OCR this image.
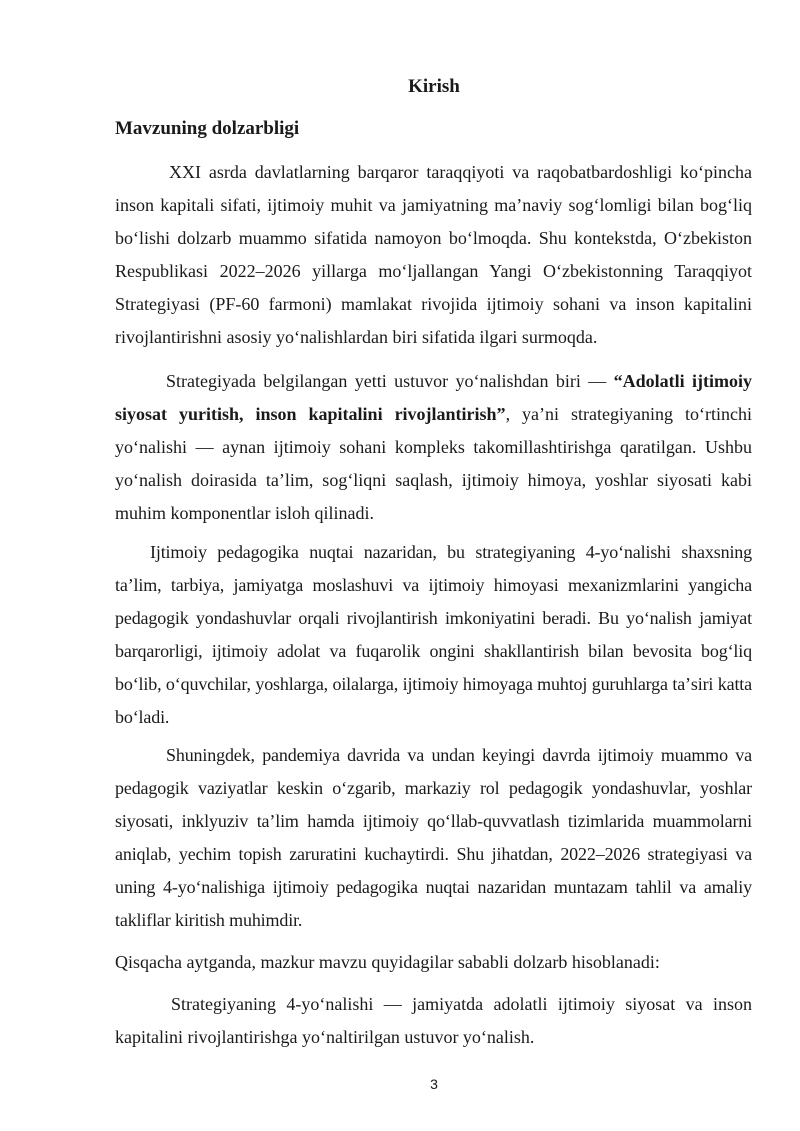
Kirish
Mavzuning dolzarbligi

XXI asrda davlatlarning barqaror taraqqiyoti va raqobatbardoshligi koʻpincha inson kapitali sifati, ijtimoiy muhit va jamiyatning maʼnaviy sogʻlomligi bilan bogʻliq boʻlishi dolzarb muammo sifatida namoyon boʻlmoqda. Shu kontekstda, Oʻzbekiston Respublikasi 2022–2026 yillarga moʻljallangan Yangi Oʻzbekistonning Taraqqiyot Strategiyasi (PF-60 farmoni) mamlakat rivojida ijtimoiy sohani va inson kapitalini rivojlantirishni asosiy yoʻnalishlardan biri sifatida ilgari surmoqda.

Strategiyada belgilangan yetti ustuvor yoʻnalishdan biri — “Adolatli ijtimoiy siyosat yuritish, inson kapitalini rivojlantirish”, yaʼni strategiyaning toʻrtinchi yoʻnalishi — aynan ijtimoiy sohani kompleks takomillashtirishga qaratilgan. Ushbu yoʻnalish doirasida taʼlim, sogʻliqni saqlash, ijtimoiy himoya, yoshlar siyosati kabi muhim komponentlar isloh qilinadi.

Ijtimoiy pedagogika nuqtai nazaridan, bu strategiyaning 4-yoʻnalishi shaxsning taʼlim, tarbiya, jamiyatga moslashuvi va ijtimoiy himoyasi mexanizmlarini yangicha pedagogik yondashuvlar orqali rivojlantirish imkoniyatini beradi. Bu yoʻnalish jamiyat barqarorligi, ijtimoiy adolat va fuqarolik ongini shakllantirish bilan bevosita bogʻliq boʻlib, oʻquvchilar, yoshlarga, oilalarga, ijtimoiy himoyaga muhtoj guruhlarga taʼsiri katta boʻladi.

Shuningdek, pandemiya davrida va undan keyingi davrda ijtimoiy muammo va pedagogik vaziyatlar keskin oʻzgarib, markaziy rol pedagogik yondashuvlar, yoshlar siyosati, inklyuziv taʼlim hamda ijtimoiy qoʻllab-quvvatlash tizimlarida muammolarni aniqlab, yechim topish zaruratini kuchaytirdi. Shu jihatdan, 2022–2026 strategiyasi va uning 4-yoʻnalishiga ijtimoiy pedagogika nuqtai nazaridan muntazam tahlil va amaliy takliflar kiritish muhimdir.

Qisqacha aytganda, mazkur mavzu quyidagilar sababli dolzarb hisoblanadi:

Strategiyaning 4-yoʻnalishi — jamiyatda adolatli ijtimoiy siyosat va inson kapitalini rivojlantirishga yoʻnaltirilgan ustuvor yoʻnalish.

3
